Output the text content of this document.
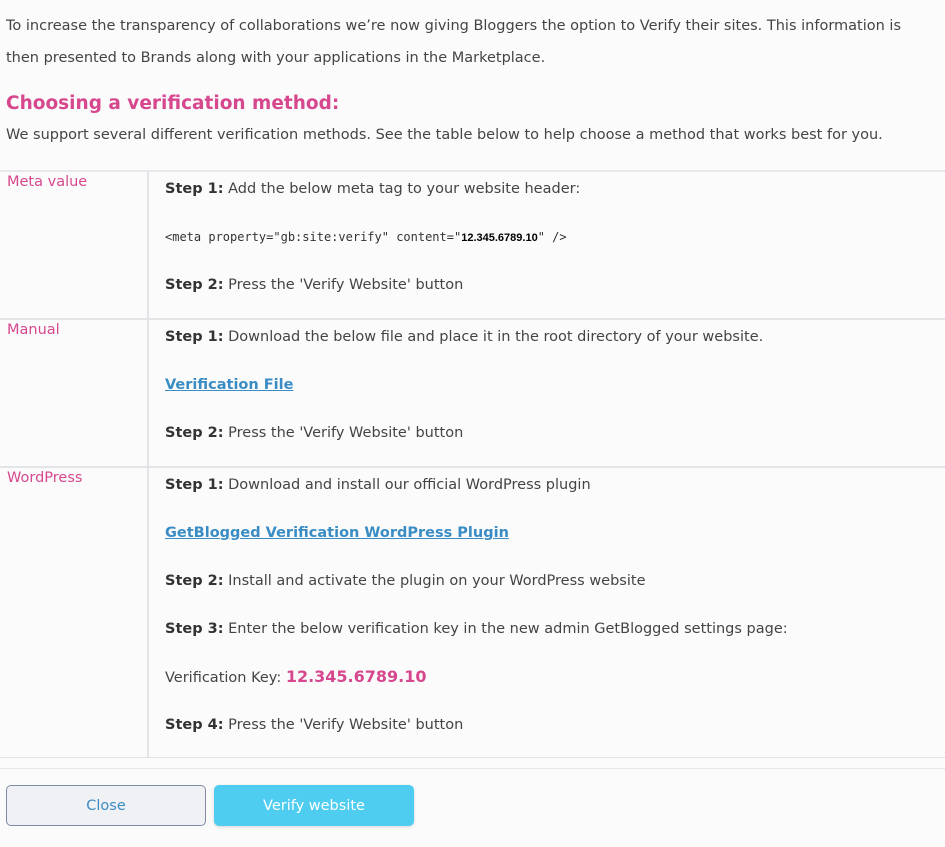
To increase the transparency of collaborations we’re now giving Bloggers the option to Verify their sites. This information is then presented to Brands along with your applications in the Marketplace.
Choosing a verification method:
We support several different verification methods. See the table below to help choose a method that works best for you.
Meta value	Step 1: Add the below meta tag to your website header:
<meta property="gb:site:verify" content="12.345.6789.10" />
Step 2: Press the 'Verify Website' button
Manual	Step 1: Download the below file and place it in the root directory of your website.
Verification File
Step 2: Press the 'Verify Website' button
WordPress	Step 1: Download and install our official WordPress plugin
GetBlogged Verification WordPress Plugin
Step 2: Install and activate the plugin on your WordPress website
Step 3: Enter the below verification key in the new admin GetBlogged settings page:
Verification Key: 12.345.6789.10
Step 4: Press the 'Verify Website' button
Close	Verify website
